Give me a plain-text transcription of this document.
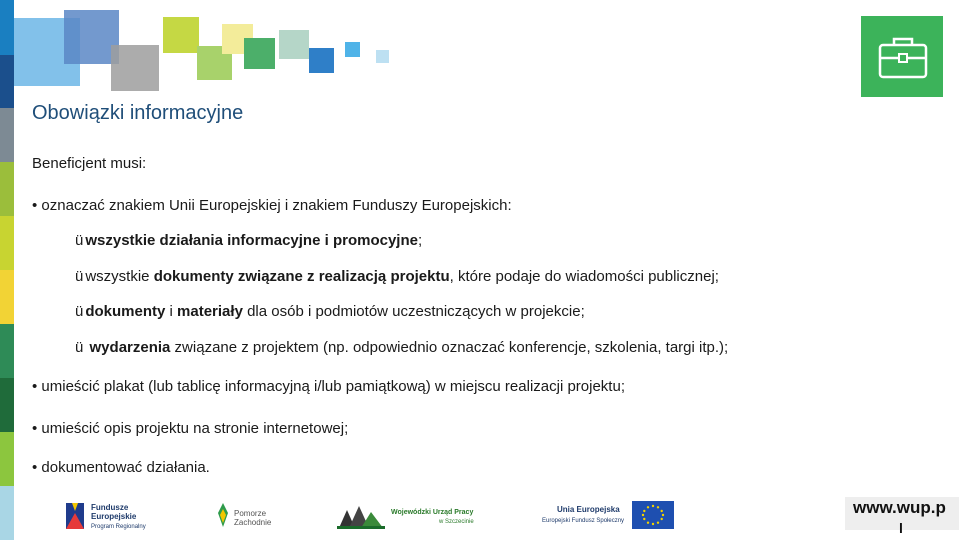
Obowiązki informacyjne
Beneficjent musi:
• oznaczać znakiem Unii Europejskiej i znakiem Funduszy Europejskich:
ü wszystkie działania informacyjne i promocyjne;
ü wszystkie dokumenty związane z realizacją projektu, które podaje do wiadomości publicznej;
ü dokumenty i materiały dla osób i podmiotów uczestniczących w projekcie;
ü wydarzenia związane z projektem (np. odpowiednio oznaczać konferencje, szkolenia, targi itp.);
• umieścić plakat (lub tablicę informacyjną i/lub pamiątkową) w miejscu realizacji projektu;
• umieścić opis projektu na stronie internetowej;
• dokumentować działania.
Fundusze
Europejskie
Program Regionalny
Pomorze
Zachodnie
Wojewódzki Urząd Pracy
w Szczecinie
Unia Europejska
Europejski Fundusz Społeczny
www.wup.p
l
